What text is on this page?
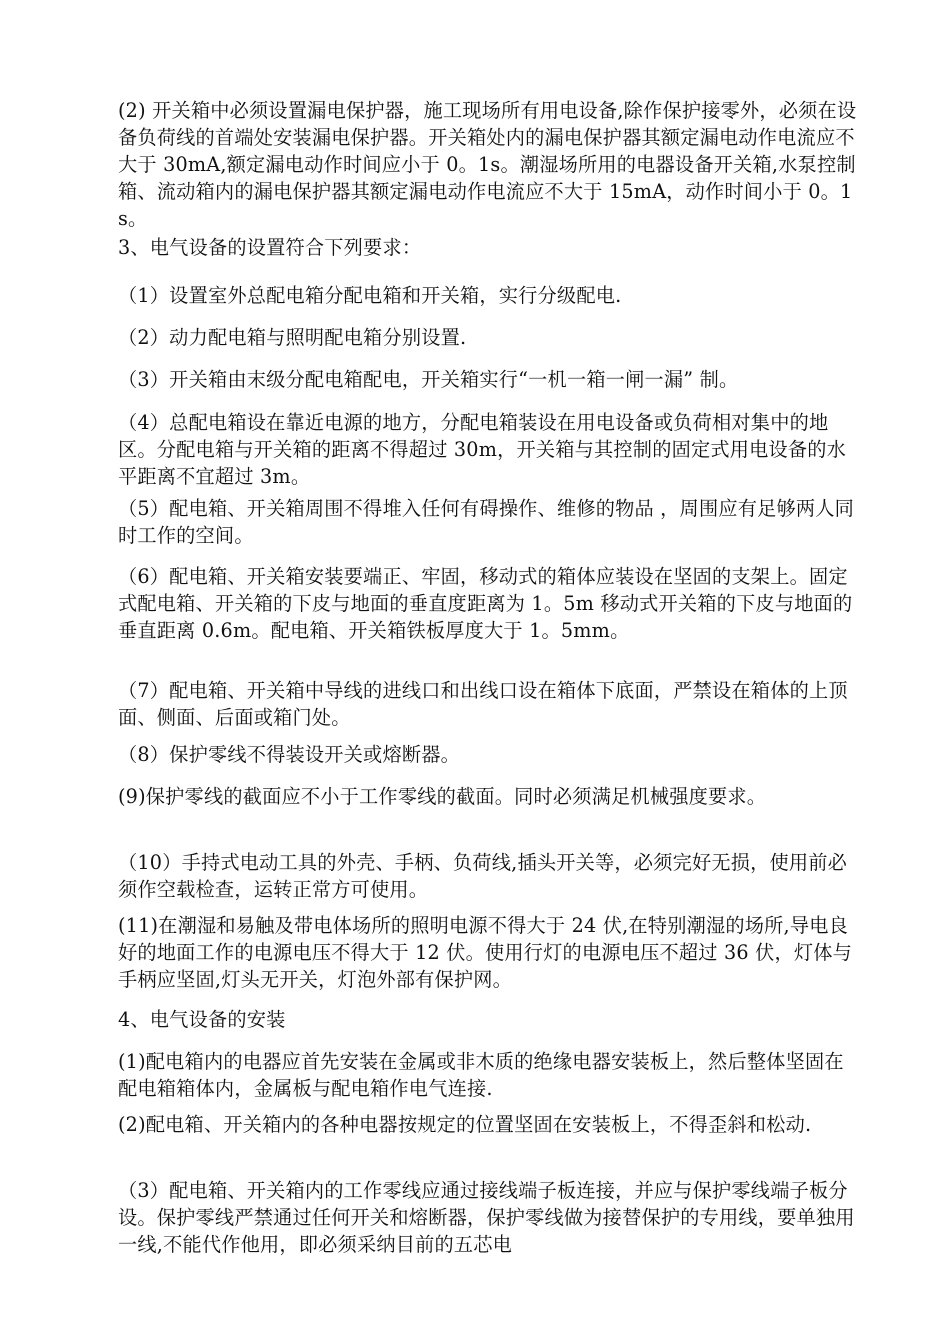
(2) 开关箱中必须设置漏电保护器，施工现场所有用电设备,除作保护接零外，必须在设备负荷线的首端处安装漏电保护器。开关箱处内的漏电保护器其额定漏电动作电流应不大于 30mA,额定漏电动作时间应小于 0。1s。潮湿场所用的电器设备开关箱,水泵控制箱、流动箱内的漏电保护器其额定漏电动作电流应不大于 15mA，动作时间小于 0。1s。

3、电气设备的设置符合下列要求：

（1）设置室外总配电箱分配电箱和开关箱，实行分级配电.

（2）动力配电箱与照明配电箱分别设置.

（3）开关箱由末级分配电箱配电，开关箱实行“一机一箱一闸一漏” 制。

（4）总配电箱设在靠近电源的地方，分配电箱装设在用电设备或负荷相对集中的地区。分配电箱与开关箱的距离不得超过 30m，开关箱与其控制的固定式用电设备的水平距离不宜超过 3m。

（5）配电箱、开关箱周围不得堆入任何有碍操作、维修的物品 ，周围应有足够两人同时工作的空间。

（6）配电箱、开关箱安装要端正、牢固，移动式的箱体应装设在坚固的支架上。固定式配电箱、开关箱的下皮与地面的垂直度距离为 1。5m 移动式开关箱的下皮与地面的垂直距离 0.6m。配电箱、开关箱铁板厚度大于 1。5mm。

（7）配电箱、开关箱中导线的进线口和出线口设在箱体下底面，严禁设在箱体的上顶面、侧面、后面或箱门处。

（8）保护零线不得装设开关或熔断器。

(9)保护零线的截面应不小于工作零线的截面。同时必须满足机械强度要求。

（10）手持式电动工具的外壳、手柄、负荷线,插头开关等，必须完好无损，使用前必须作空载检查，运转正常方可使用。

(11)在潮湿和易触及带电体场所的照明电源不得大于 24 伏,在特别潮湿的场所,导电良好的地面工作的电源电压不得大于 12 伏。使用行灯的电源电压不超过 36 伏，灯体与手柄应坚固,灯头无开关，灯泡外部有保护网。

4、电气设备的安装

(1)配电箱内的电器应首先安装在金属或非木质的绝缘电器安装板上，然后整体坚固在配电箱箱体内，金属板与配电箱作电气连接.

(2)配电箱、开关箱内的各种电器按规定的位置坚固在安装板上，不得歪斜和松动.

（3）配电箱、开关箱内的工作零线应通过接线端子板连接，并应与保护零线端子板分设。保护零线严禁通过任何开关和熔断器，保护零线做为接替保护的专用线，要单独用一线,不能代作他用，即必须采纳目前的五芯电
